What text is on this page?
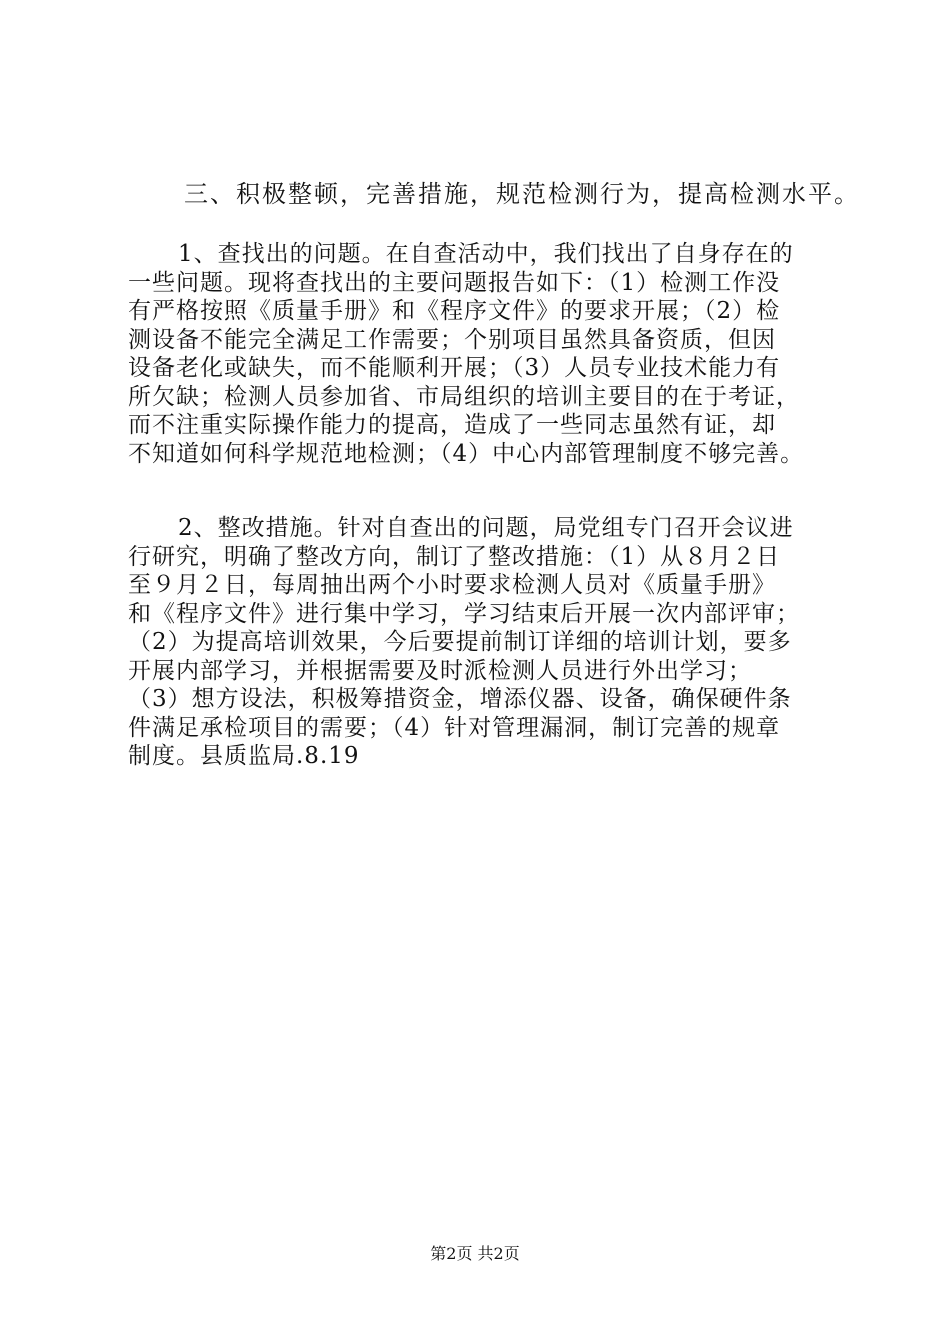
三、积极整顿，完善措施，规范检测行为，提高检测水平。
1、查找出的问题。在自查活动中，我们找出了自身存在的
一些问题。现将查找出的主要问题报告如下：（1）检测工作没
有严格按照《质量手册》和《程序文件》的要求开展；（2）检
测设备不能完全满足工作需要；个别项目虽然具备资质，但因
设备老化或缺失，而不能顺利开展；（3）人员专业技术能力有
所欠缺；检测人员参加省、市局组织的培训主要目的在于考证，
而不注重实际操作能力的提高，造成了一些同志虽然有证，却
不知道如何科学规范地检测；（4）中心内部管理制度不够完善。
2、整改措施。针对自查出的问题，局党组专门召开会议进
行研究，明确了整改方向，制订了整改措施：（1）从８月２日
至９月２日，每周抽出两个小时要求检测人员对《质量手册》
和《程序文件》进行集中学习，学习结束后开展一次内部评审；
（2）为提高培训效果，今后要提前制订详细的培训计划，要多
开展内部学习，并根据需要及时派检测人员进行外出学习；
（3）想方设法，积极筹措资金，增添仪器、设备，确保硬件条
件满足承检项目的需要；（4）针对管理漏洞，制订完善的规章
制度。县质监局.8.19
第2页 共2页
